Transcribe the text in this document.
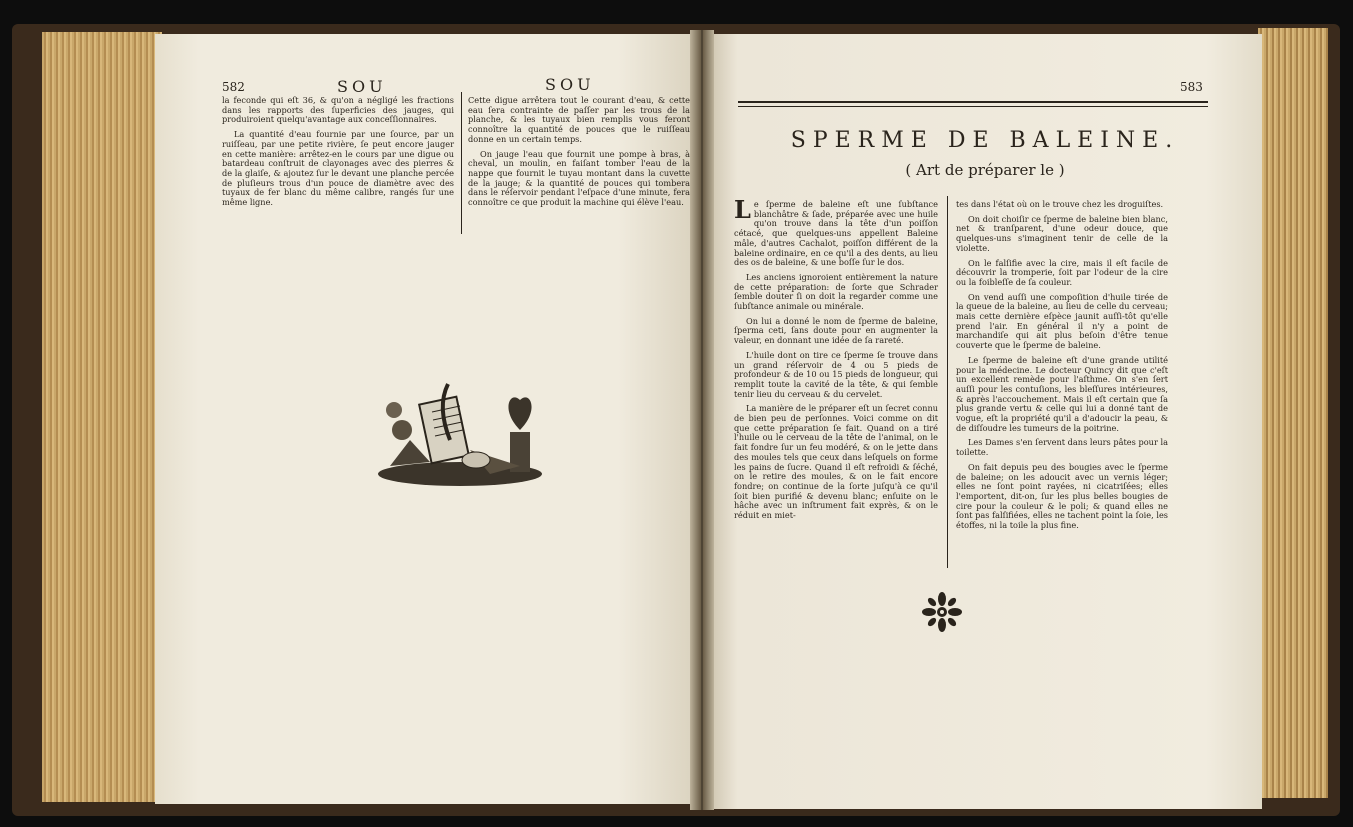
582	SOU	SOU

la feconde qui eſt 36, & qu'on a négligé les fractions dans les rapports des ſuperficies des jauges, qui produiroient quelqu'avantage aux conceſſionnaires.

La quantité d'eau fournie par une ſource, par un ruiſſeau, par une petite rivière, ſe peut encore jauger en cette manière: arrêtez-en le cours par une digue ou batardeau conſtruit de clayonages avec des pierres & de la glaiſe, & ajoutez ſur le devant une planche percée de pluſieurs trous d'un pouce de diamètre avec des tuyaux de fer blanc du même calibre, rangés ſur une même ligne.

Cette digue arrêtera tout le courant d'eau, & cette eau ſera contrainte de paſſer par les trous de la planche, & les tuyaux bien remplis vous feront connoître la quantité de pouces que le ruiſſeau donne en un certain temps.

On jauge l'eau que fournit une pompe à bras, à cheval, un moulin, en faiſant tomber l'eau de la nappe que fournit le tuyau montant dans la cuvette de la jauge; & la quantité de pouces qui tombera dans le réſervoir pendant l'eſpace d'une minute, fera connoître ce que produit la machine qui élève l'eau.

583
SPERME DE BALEINE.
( Art de préparer le )

Le ſperme de baleine eſt une ſubſtance blanchâtre & ſade, préparée avec une huile qu'on trouve dans la tête d'un poiſſon cétacé, que quelques-uns appellent Baleine mâle, d'autres Cachalot, poiſſon différent de la baleine ordinaire, en ce qu'il a des dents, au lieu des os de baleine, & une boſſe ſur le dos.

Les anciens ignoroient entièrement la nature de cette préparation: de ſorte que Schrader ſemble douter ſi on doit la regarder comme une ſubſtance animale ou minérale.

On lui a donné le nom de ſperme de baleine, ſperma ceti, ſans doute pour en augmenter la valeur, en donnant une idée de ſa rareté.

L'huile dont on tire ce ſperme ſe trouve dans un grand réſervoir de 4 ou 5 pieds de profondeur & de 10 ou 15 pieds de longueur, qui remplit toute la cavité de la tête, & qui ſemble tenir lieu du cerveau & du cervelet.

La manière de le préparer eſt un ſecret connu de bien peu de perſonnes. Voici comme on dit que cette préparation ſe fait. Quand on a tiré l'huile ou le cerveau de la tête de l'animal, on le fait fondre ſur un feu modéré, & on le jette dans des moules tels que ceux dans leſquels on forme les pains de ſucre. Quand il eſt refroidi & ſéché, on le retire des moules, & on le fait encore fondre; on continue de la ſorte juſqu'à ce qu'il ſoit bien purifié & devenu blanc; enſuite on le hâche avec un inſtrument fait exprès, & on le réduit en miet-

tes dans l'état où on le trouve chez les droguiſtes.

On doit choiſir ce ſperme de baleine bien blanc, net & tranſparent, d'une odeur douce, que quelques-uns s'imaginent tenir de celle de la violette.

On le falſifie avec la cire, mais il eſt facile de découvrir la tromperie, ſoit par l'odeur de la cire ou la foibleſſe de ſa couleur.

On vend auſſi une compoſition d'huile tirée de la queue de la baleine, au lieu de celle du cerveau; mais cette dernière eſpèce jaunit auſſi-tôt qu'elle prend l'air. En général il n'y a point de marchandiſe qui ait plus beſoin d'être tenue couverte que le ſperme de baleine.

Le ſperme de baleine eſt d'une grande utilité pour la médecine. Le docteur Quincy dit que c'eſt un excellent remède pour l'aſthme. On s'en ſert auſſi pour les contuſions, les bleſſures intérieures, & après l'accouchement. Mais il eſt certain que ſa plus grande vertu & celle qui lui a donné tant de vogue, eſt la propriété qu'il a d'adoucir la peau, & de diſſoudre les tumeurs de la poitrine.

Les Dames s'en ſervent dans leurs pâtes pour la toilette.

On fait depuis peu des bougies avec le ſperme de baleine; on les adoucit avec un vernis léger; elles ne ſont point rayées, ni cicatriſées; elles l'emportent, dit-on, ſur les plus belles bougies de cire pour la couleur & le poli; & quand elles ne ſont pas falſifiées, elles ne tachent point la ſoie, les étoffes, ni la toile la plus fine.
